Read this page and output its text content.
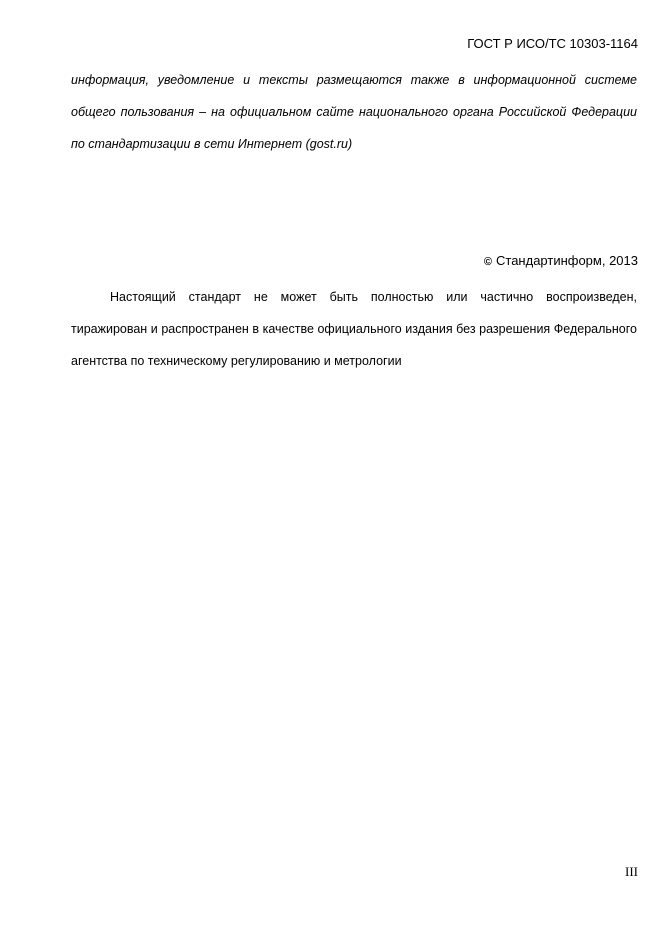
ГОСТ Р ИСО/ТС 10303-1164

информация, уведомление и тексты размещаются также в информационной системе общего пользования – на официальном сайте национального органа Российской Федерации по стандартизации в сети Интернет (gost.ru)

© Стандартинформ, 2013

Настоящий стандарт не может быть полностью или частично воспроизведен, тиражирован и распространен в качестве официального издания без разрешения Федерального агентства по техническому регулированию и метрологии

III
